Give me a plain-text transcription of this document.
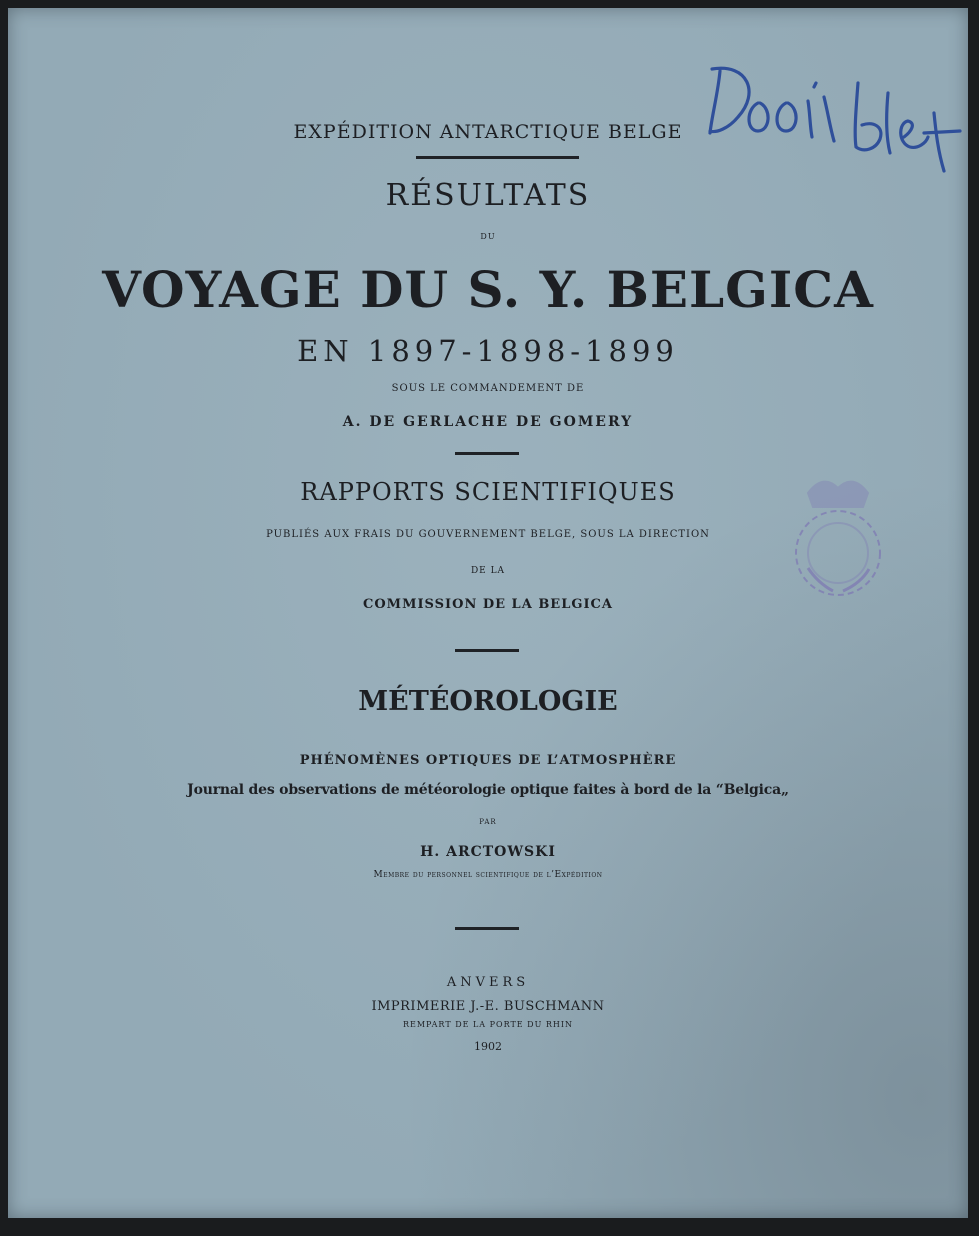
EXPÉDITION ANTARCTIQUE BELGE
RÉSULTATS
DU
VOYAGE DU S. Y. BELGICA
EN 1897-1898-1899
SOUS LE COMMANDEMENT DE
A. DE GERLACHE DE GOMERY
RAPPORTS SCIENTIFIQUES
PUBLIÉS AUX FRAIS DU GOUVERNEMENT BELGE, SOUS LA DIRECTION
DE LA
COMMISSION DE LA BELGICA
MÉTÉOROLOGIE
PHÉNOMÈNES OPTIQUES DE L’ATMOSPHÈRE
Journal des observations de météorologie optique faites à bord de la “Belgica„
PAR
H. ARCTOWSKI
Membre du personnel scientifique de l’Expédition
ANVERS
IMPRIMERIE J.-E. BUSCHMANN
REMPART DE LA PORTE DU RHIN
1902
